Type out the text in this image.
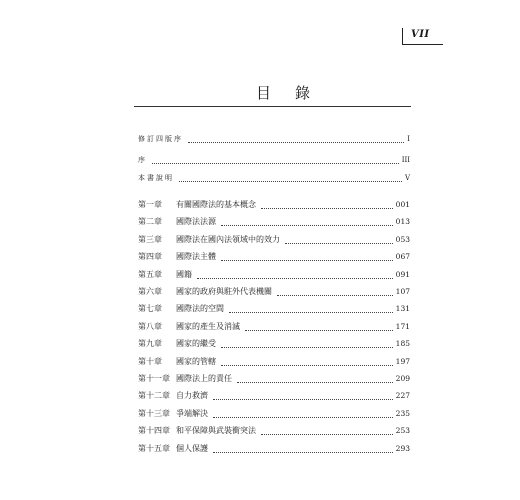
VII
目錄
修訂四版序	I
序	III
本書說明	V
第一章 有關國際法的基本概念	001
第二章 國際法法源	013
第三章 國際法在國內法領域中的效力	053
第四章 國際法主體	067
第五章 國籍	091
第六章 國家的政府與駐外代表機關	107
第七章 國際法的空間	131
第八章 國家的產生及消滅	171
第九章 國家的繼受	185
第十章 國家的管轄	197
第十一章 國際法上的責任	209
第十二章 自力救濟	227
第十三章 爭端解決	235
第十四章 和平保障與武裝衝突法	253
第十五章 個人保護	293
